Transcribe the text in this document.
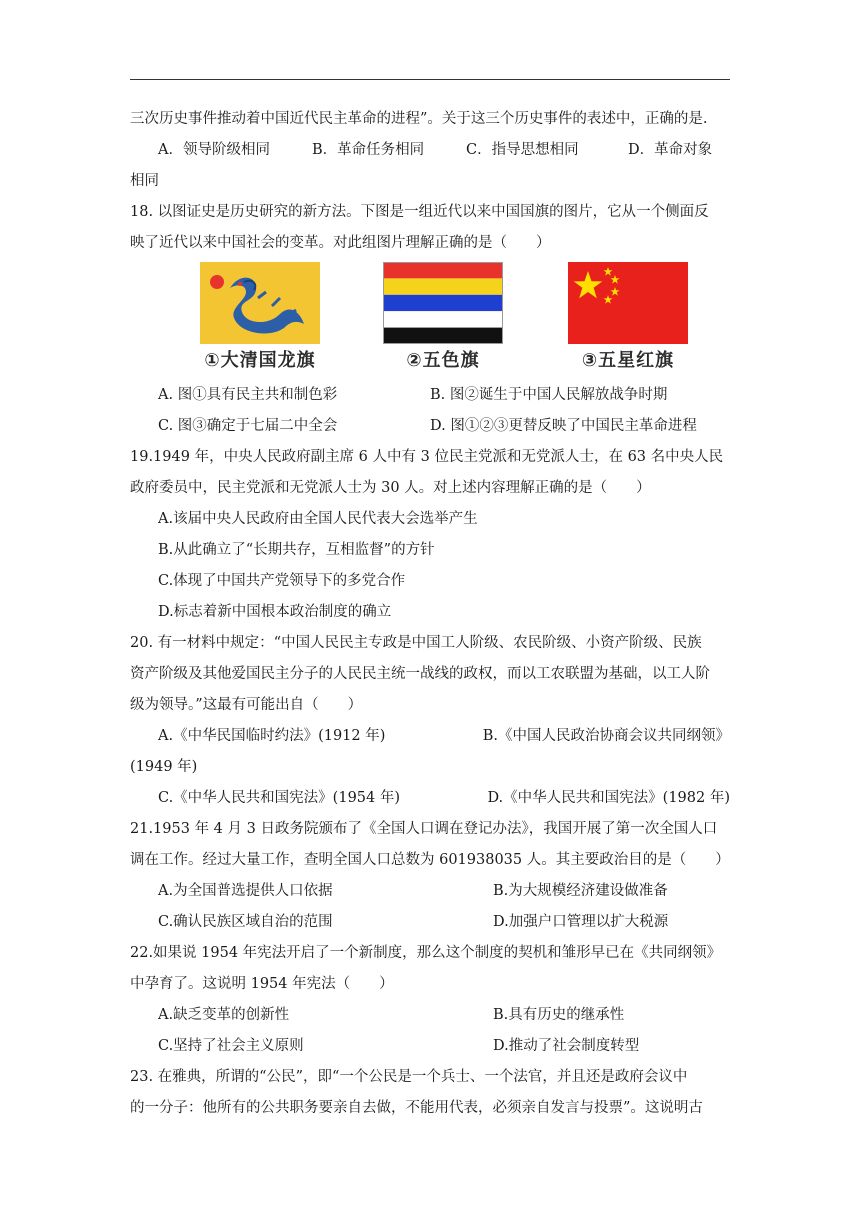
三次历史事件推动着中国近代民主革命的进程”。关于这三个历史事件的表述中，正确的是.
A．领导阶级相同	B．革命任务相同	C．指导思想相同	D．革命对象
相同
18. 以图证史是历史研究的新方法。下图是一组近代以来中国国旗的图片，它从一个侧面反
映了近代以来中国社会的变革。对此组图片理解正确的是（　　）
①大清国龙旗	②五色旗	③五星红旗
A. 图①具有民主共和制色彩	B. 图②诞生于中国人民解放战争时期
C. 图③确定于七届二中全会	D. 图①②③更替反映了中国民主革命进程
19.1949 年，中央人民政府副主席 6 人中有 3 位民主党派和无党派人士，在 63 名中央人民
政府委员中，民主党派和无党派人士为 30 人。对上述内容理解正确的是（　　）
A.该届中央人民政府由全国人民代表大会选举产生
B.从此确立了“长期共存，互相监督”的方针
C.体现了中国共产党领导下的多党合作
D.标志着新中国根本政治制度的确立
20. 有一材料中规定：“中国人民民主专政是中国工人阶级、农民阶级、小资产阶级、民族
资产阶级及其他爱国民主分子的人民民主统一战线的政权，而以工农联盟为基础，以工人阶
级为领导。”这最有可能出自（　　）
A.《中华民国临时约法》(1912 年)	B.《中国人民政治协商会议共同纲领》
(1949 年)
C.《中华人民共和国宪法》(1954 年)	D.《中华人民共和国宪法》(1982 年)
21.1953 年 4 月 3 日政务院颁布了《全国人口调在登记办法》，我国开展了第一次全国人口
调在工作。经过大量工作，查明全国人口总数为 601938035 人。其主要政治目的是（　　）
A.为全国普选提供人口依据	B.为大规模经济建设做准备
C.确认民族区域自治的范围	D.加强户口管理以扩大税源
22.如果说 1954 年宪法开启了一个新制度，那么这个制度的契机和雏形早已在《共同纲领》
中孕育了。这说明 1954 年宪法（　　）
A.缺乏变革的创新性	B.具有历史的继承性
C.坚持了社会主义原则	D.推动了社会制度转型
23. 在雅典，所谓的“公民”，即“一个公民是一个兵士、一个法官，并且还是政府会议中
的一分子：他所有的公共职务要亲自去做，不能用代表，必须亲自发言与投票”。这说明古
